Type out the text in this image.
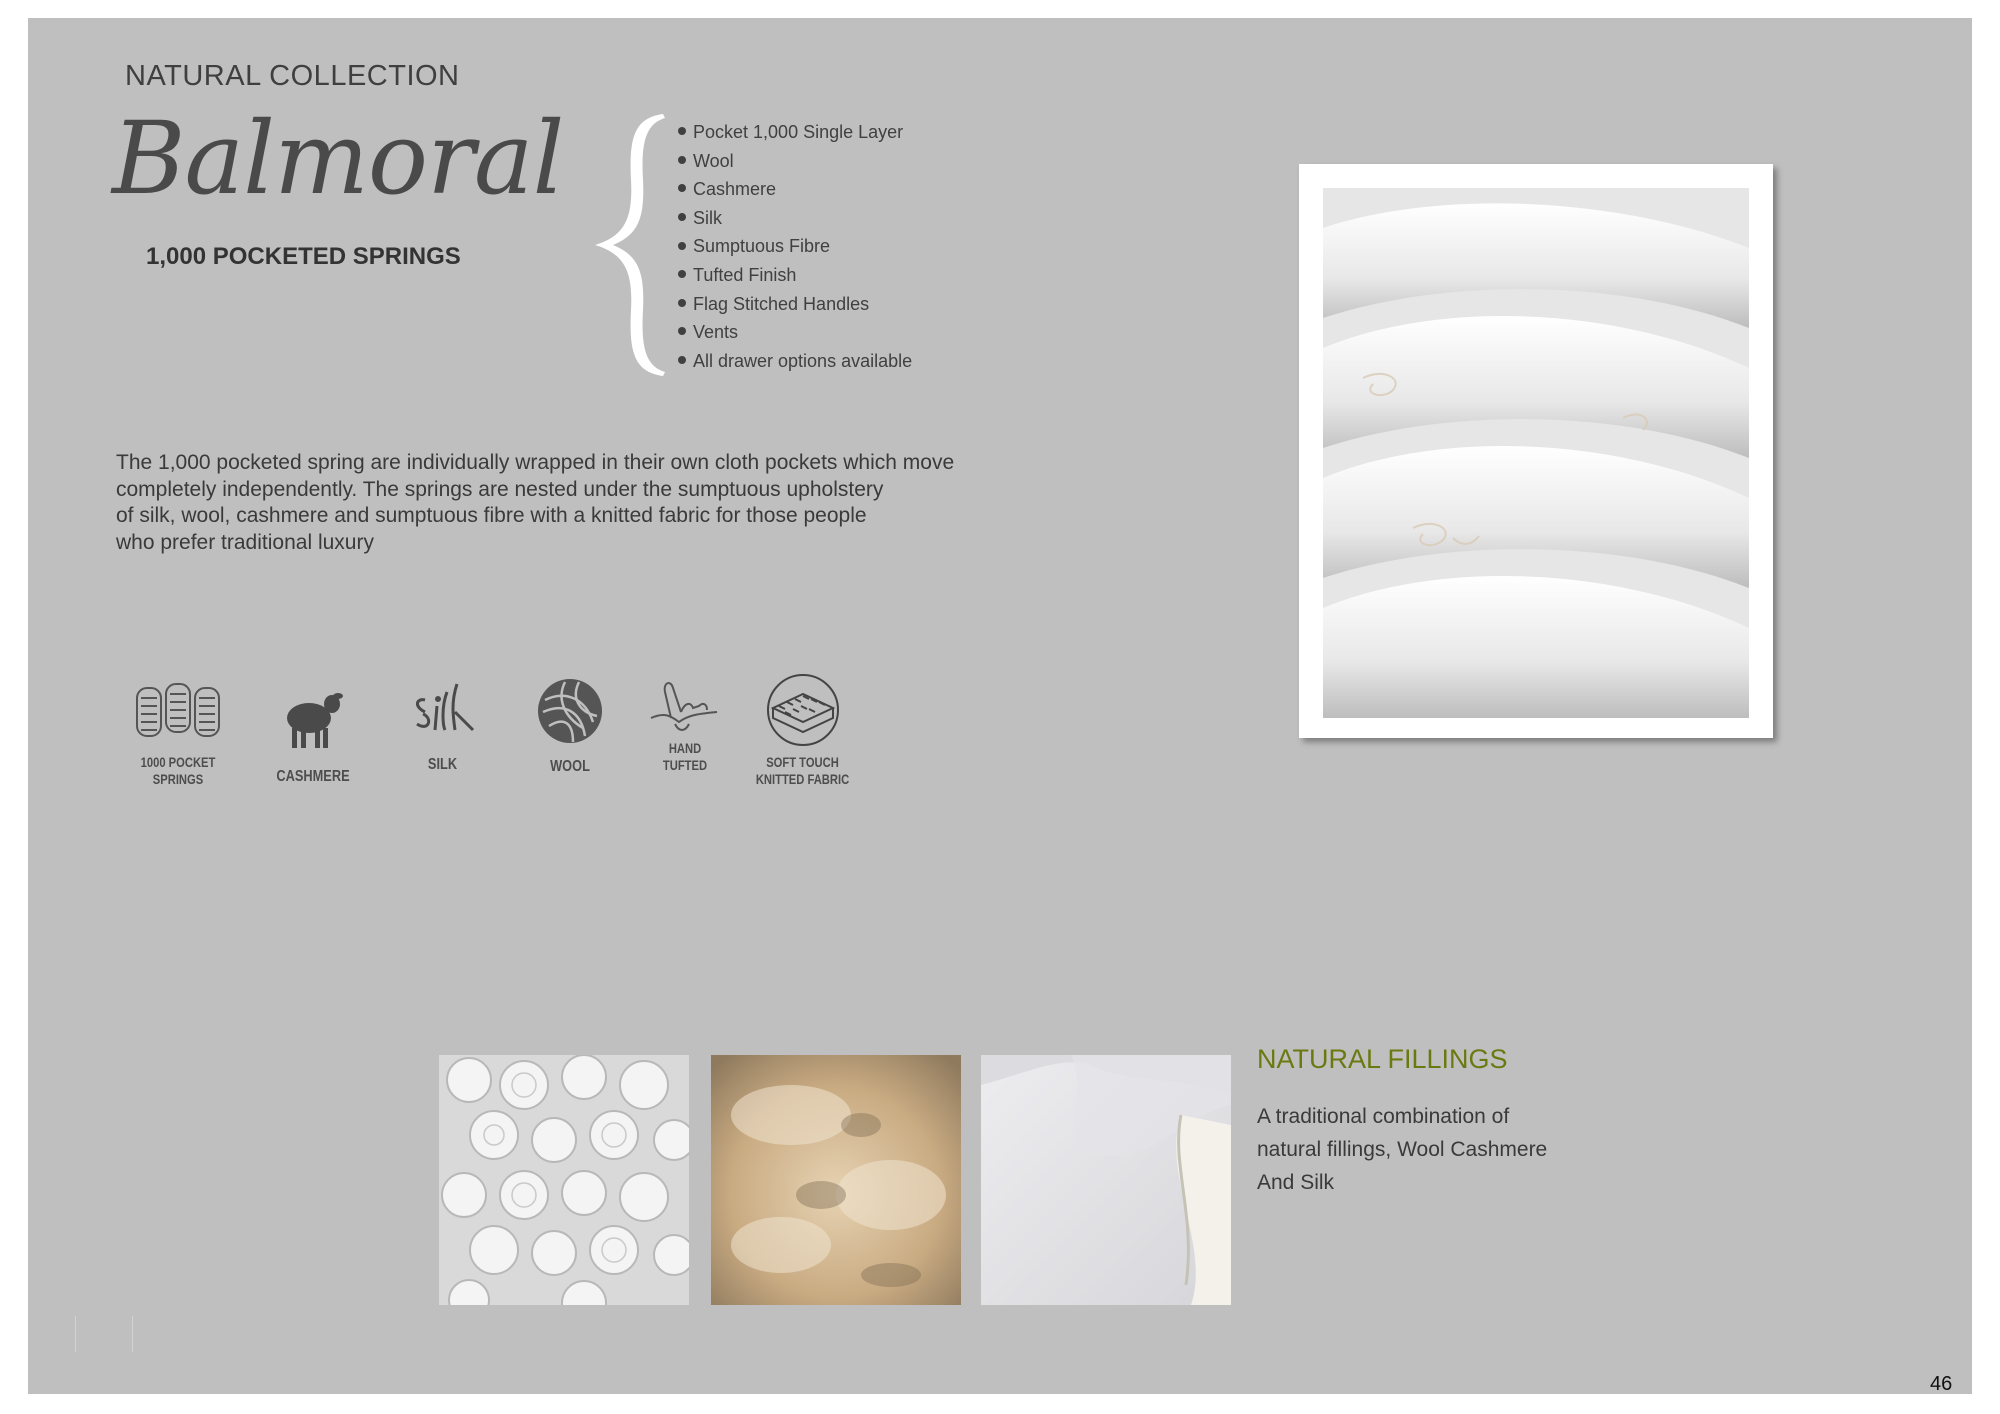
NATURAL COLLECTION
Balmoral
1,000 POCKETED SPRINGS
Pocket 1,000 Single Layer
Wool
Cashmere
Silk
Sumptuous Fibre
Tufted Finish
Flag Stitched Handles
Vents
All drawer options available
The 1,000 pocketed spring are individually wrapped in their own cloth pockets which move
completely independently. The springs are nested under the sumptuous upholstery
of silk, wool, cashmere and sumptuous fibre with a knitted fabric for those people
who prefer traditional luxury
1000 POCKET
SPRINGS	CASHMERE
SILK	WOOL
HAND
TUFTED	SOFT TOUCH
KNITTED FABRIC
NATURAL FILLINGS
A traditional combination of
natural fillings, Wool Cashmere
And Silk
46
